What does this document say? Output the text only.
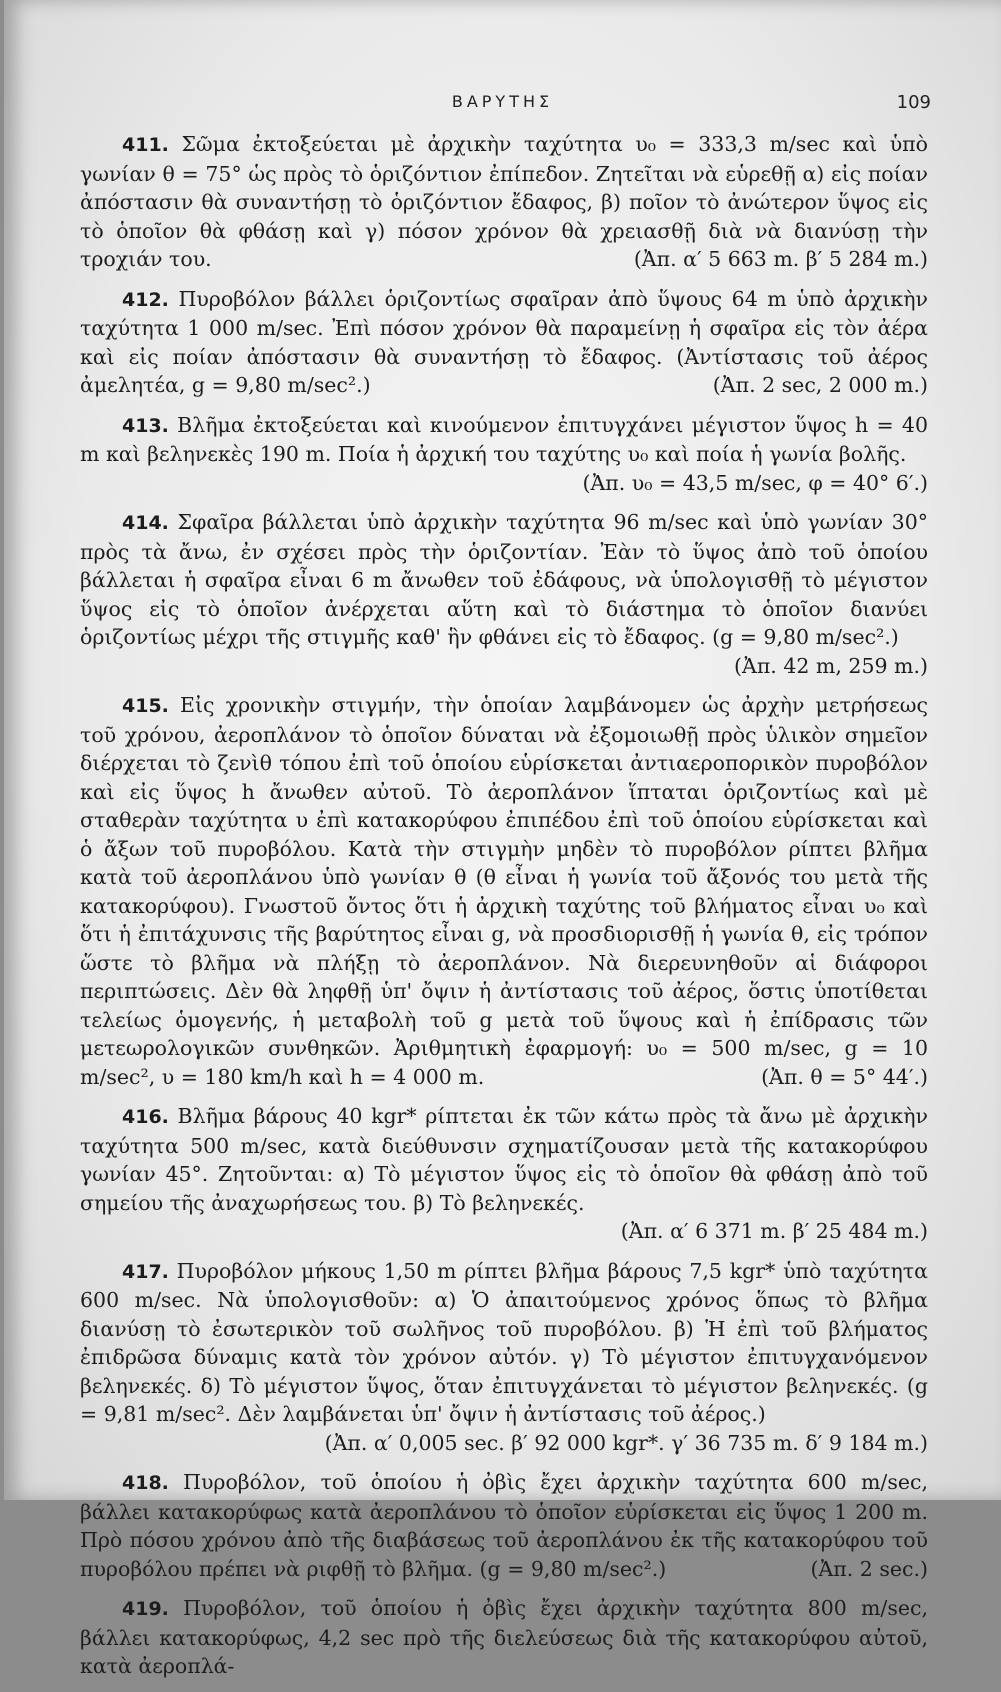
ΒΑΡΥΤΗΣ	109

411. Σῶμα ἐκτοξεύεται μὲ ἀρχικὴν ταχύτητα υ₀ = 333,3 m/sec καὶ ὑπὸ γωνίαν θ = 75° ὡς πρὸς τὸ ὁριζόντιον ἐπίπεδον. Ζητεῖται νὰ εὑρεθῇ α) εἰς ποίαν ἀπόστασιν θὰ συναντήσῃ τὸ ὁριζόντιον ἔδαφος, β) ποῖον τὸ ἀνώτερον ὕψος εἰς τὸ ὁποῖον θὰ φθάσῃ καὶ γ) πόσον χρόνον θὰ χρειασθῇ διὰ νὰ διανύσῃ τὴν τροχιάν του.	(Ἀπ. α′ 5 663 m. β′ 5 284 m.)

412. Πυροβόλον βάλλει ὁριζοντίως σφαῖραν ἀπὸ ὕψους 64 m ὑπὸ ἀρχικὴν ταχύτητα 1 000 m/sec. Ἐπὶ πόσον χρόνον θὰ παραμείνῃ ἡ σφαῖρα εἰς τὸν ἀέρα καὶ εἰς ποίαν ἀπόστασιν θὰ συναντήσῃ τὸ ἔδαφος. (Ἀντίστασις τοῦ ἀέρος ἀμελητέα, g = 9,80 m/sec².)	(Ἀπ. 2 sec, 2 000 m.)

413. Βλῆμα ἐκτοξεύεται καὶ κινούμενον ἐπιτυγχάνει μέγιστον ὕψος h = 40 m καὶ βεληνεκὲς 190 m. Ποία ἡ ἀρχική του ταχύτης υ₀ καὶ ποία ἡ γωνία βολῆς.
(Ἀπ. υ₀ = 43,5 m/sec, φ = 40° 6′.)

414. Σφαῖρα βάλλεται ὑπὸ ἀρχικὴν ταχύτητα 96 m/sec καὶ ὑπὸ γωνίαν 30° πρὸς τὰ ἄνω, ἐν σχέσει πρὸς τὴν ὁριζοντίαν. Ἐὰν τὸ ὕψος ἀπὸ τοῦ ὁποίου βάλλεται ἡ σφαῖρα εἶναι 6 m ἄνωθεν τοῦ ἐδάφους, νὰ ὑπολογισθῇ τὸ μέγιστον ὕψος εἰς τὸ ὁποῖον ἀνέρχεται αὕτη καὶ τὸ διάστημα τὸ ὁποῖον διανύει ὁριζοντίως μέχρι τῆς στιγμῆς καθ' ἣν φθάνει εἰς τὸ ἔδαφος. (g = 9,80 m/sec².)
(Ἀπ. 42 m, 259 m.)

415. Εἰς χρονικὴν στιγμήν, τὴν ὁποίαν λαμβάνομεν ὡς ἀρχὴν μετρήσεως τοῦ χρόνου, ἀεροπλάνον τὸ ὁποῖον δύναται νὰ ἐξομοιωθῇ πρὸς ὑλικὸν σημεῖον διέρχεται τὸ ζενὶθ τόπου ἐπὶ τοῦ ὁποίου εὑρίσκεται ἀντιαεροπορικὸν πυροβόλον καὶ εἰς ὕψος h ἄνωθεν αὐτοῦ. Τὸ ἀεροπλάνον ἵπταται ὁριζοντίως καὶ μὲ σταθερὰν ταχύτητα υ ἐπὶ κατακορύφου ἐπιπέδου ἐπὶ τοῦ ὁποίου εὑρίσκεται καὶ ὁ ἄξων τοῦ πυροβόλου. Κατὰ τὴν στιγμὴν μηδὲν τὸ πυροβόλον ρίπτει βλῆμα κατὰ τοῦ ἀεροπλάνου ὑπὸ γωνίαν θ (θ εἶναι ἡ γωνία τοῦ ἄξονός του μετὰ τῆς κατακορύφου). Γνωστοῦ ὄντος ὅτι ἡ ἀρχικὴ ταχύτης τοῦ βλήματος εἶναι υ₀ καὶ ὅτι ἡ ἐπιτάχυνσις τῆς βαρύτητος εἶναι g, νὰ προσδιορισθῇ ἡ γωνία θ, εἰς τρόπον ὥστε τὸ βλῆμα νὰ πλήξῃ τὸ ἀεροπλάνον. Νὰ διερευνηθοῦν αἱ διάφοροι περιπτώσεις. Δὲν θὰ ληφθῇ ὑπ' ὄψιν ἡ ἀντίστασις τοῦ ἀέρος, ὅστις ὑποτίθεται τελείως ὁμογενής, ἡ μεταβολὴ τοῦ g μετὰ τοῦ ὕψους καὶ ἡ ἐπίδρασις τῶν μετεωρολογικῶν συνθηκῶν. Ἀριθμητικὴ ἐφαρμογή: υ₀ = 500 m/sec, g = 10 m/sec², υ = 180 km/h καὶ h = 4 000 m.	(Ἀπ. θ = 5° 44′.)

416. Βλῆμα βάρους 40 kgr* ρίπτεται ἐκ τῶν κάτω πρὸς τὰ ἄνω μὲ ἀρχικὴν ταχύτητα 500 m/sec, κατὰ διεύθυνσιν σχηματίζουσαν μετὰ τῆς κατακορύφου γωνίαν 45°. Ζητοῦνται: α) Τὸ μέγιστον ὕψος εἰς τὸ ὁποῖον θὰ φθάσῃ ἀπὸ τοῦ σημείου τῆς ἀναχωρήσεως του. β) Τὸ βεληνεκές.
(Ἀπ. α′ 6 371 m. β′ 25 484 m.)

417. Πυροβόλον μήκους 1,50 m ρίπτει βλῆμα βάρους 7,5 kgr* ὑπὸ ταχύτητα 600 m/sec. Νὰ ὑπολογισθοῦν: α) Ὁ ἀπαιτούμενος χρόνος ὅπως τὸ βλῆμα διανύσῃ τὸ ἐσωτερικὸν τοῦ σωλῆνος τοῦ πυροβόλου. β) Ἡ ἐπὶ τοῦ βλήματος ἐπιδρῶσα δύναμις κατὰ τὸν χρόνον αὐτόν. γ) Τὸ μέγιστον ἐπιτυγχανόμενον βεληνεκές. δ) Τὸ μέγιστον ὕψος, ὅταν ἐπιτυγχάνεται τὸ μέγιστον βεληνεκές. (g = 9,81 m/sec². Δὲν λαμβάνεται ὑπ' ὄψιν ἡ ἀντίστασις τοῦ ἀέρος.)
(Ἀπ. α′ 0,005 sec. β′ 92 000 kgr*. γ′ 36 735 m. δ′ 9 184 m.)

418. Πυροβόλον, τοῦ ὁποίου ἡ ὀβὶς ἔχει ἀρχικὴν ταχύτητα 600 m/sec, βάλλει κατακορύφως κατὰ ἀεροπλάνου τὸ ὁποῖον εὑρίσκεται εἰς ὕψος 1 200 m. Πρὸ πόσου χρόνου ἀπὸ τῆς διαβάσεως τοῦ ἀεροπλάνου ἐκ τῆς κατακορύφου τοῦ πυροβόλου πρέπει νὰ ριφθῇ τὸ βλῆμα. (g = 9,80 m/sec².)	(Ἀπ. 2 sec.)

419. Πυροβόλον, τοῦ ὁποίου ἡ ὀβὶς ἔχει ἀρχικὴν ταχύτητα 800 m/sec, βάλλει κατακορύφως, 4,2 sec πρὸ τῆς διελεύσεως διὰ τῆς κατακορύφου αὐτοῦ, κατὰ ἀεροπλά-
